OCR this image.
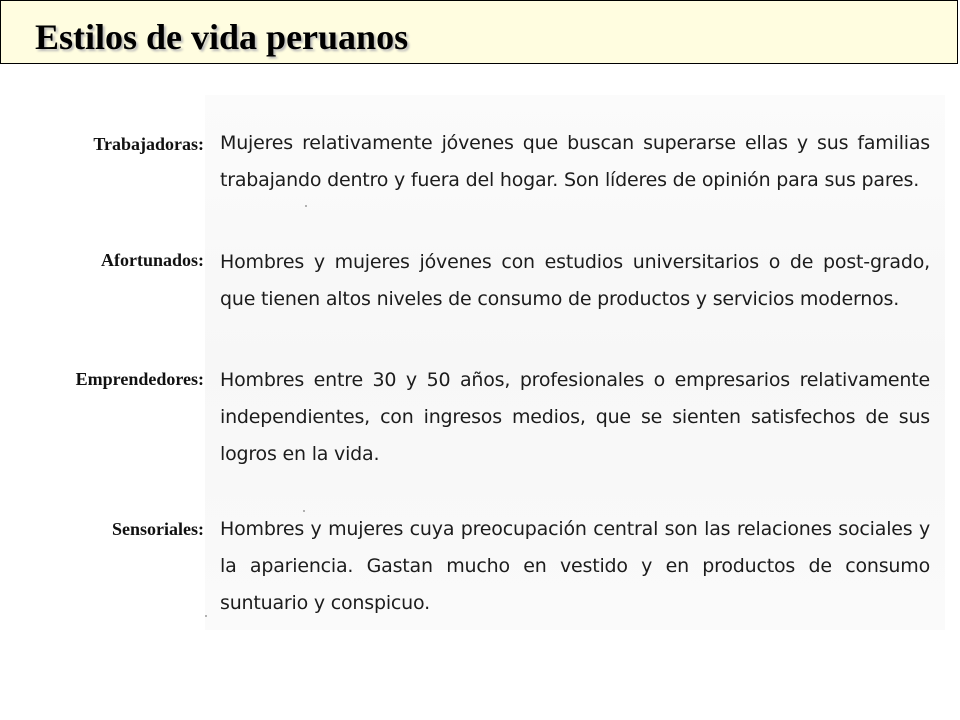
Estilos de vida peruanos
Trabajadoras: Mujeres relativamente jóvenes que buscan superarse ellas y sus familias trabajando dentro y fuera del hogar. Son líderes de opinión para sus pares.
Afortunados: Hombres y mujeres jóvenes con estudios universitarios o de post-grado, que tienen altos niveles de consumo de productos y servicios modernos.
Emprendedores: Hombres entre 30 y 50 años, profesionales o empresarios relativamente independientes, con ingresos medios, que se sienten satisfechos de sus logros en la vida.
Sensoriales: Hombres y mujeres cuya preocupación central son las relaciones sociales y la apariencia. Gastan mucho en vestido y en productos de consumo suntuario y conspicuo.
